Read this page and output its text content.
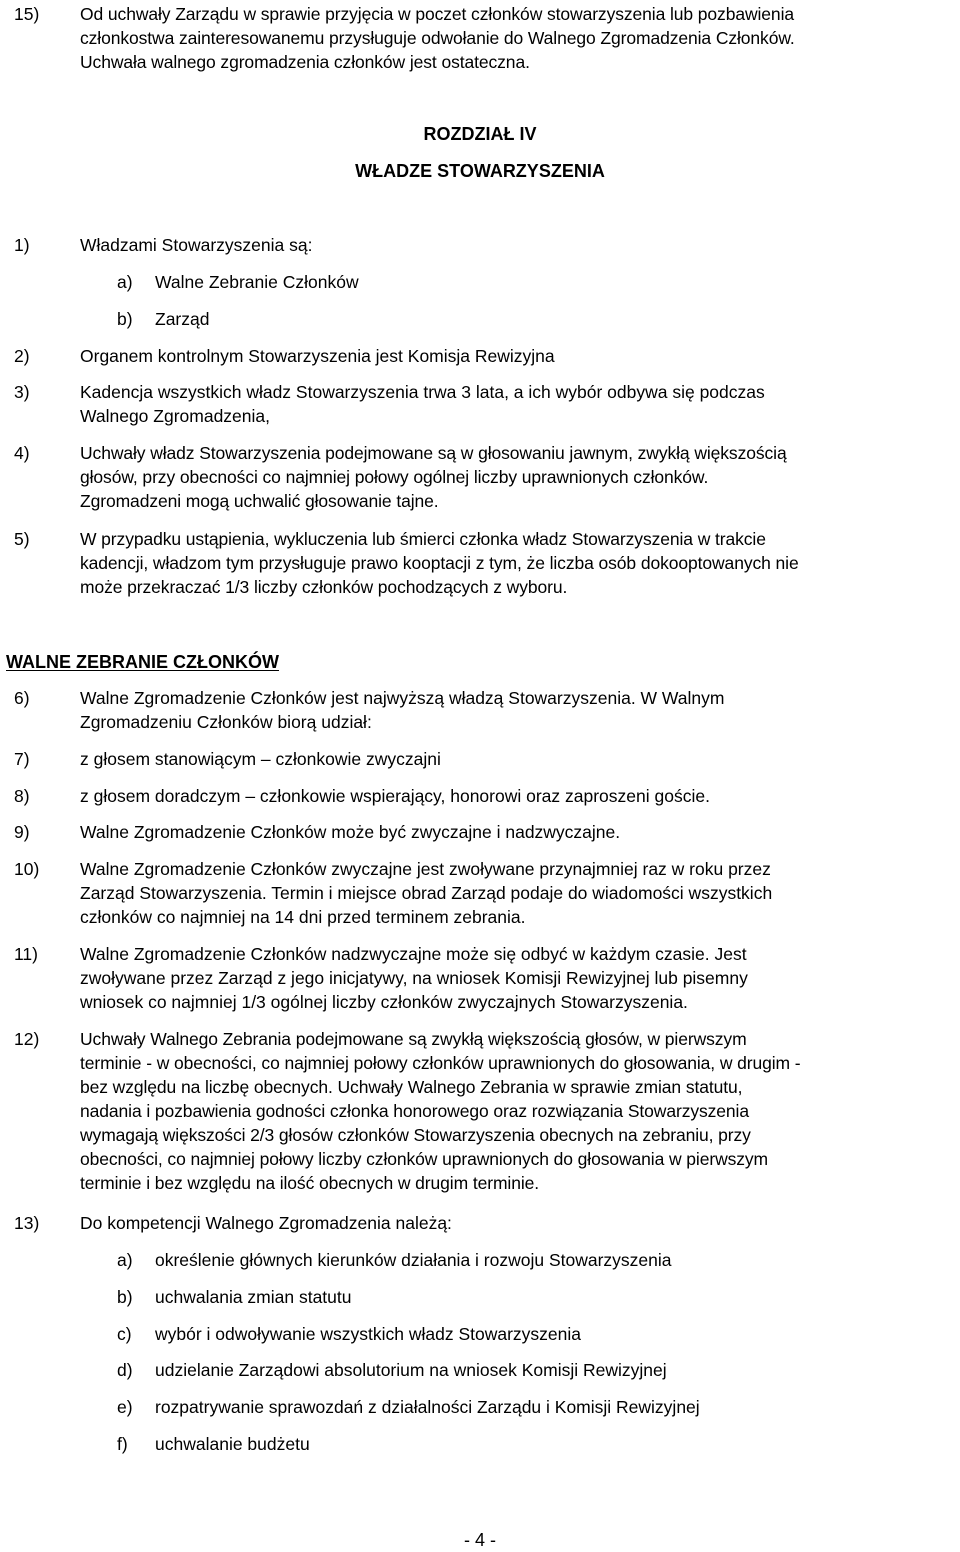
15)	Od uchwały Zarządu w sprawie przyjęcia w poczet członków stowarzyszenia lub pozbawienia
członkostwa zainteresowanemu przysługuje odwołanie do Walnego Zgromadzenia Członków.
Uchwała walnego zgromadzenia członków jest ostateczna.
ROZDZIAŁ IV
WŁADZE STOWARZYSZENIA
1)	Władzami Stowarzyszenia są:
a)	Walne Zebranie Członków
b)	Zarząd
2)	Organem kontrolnym Stowarzyszenia jest Komisja Rewizyjna
3)	Kadencja wszystkich władz Stowarzyszenia trwa 3 lata, a ich wybór odbywa się podczas
Walnego Zgromadzenia,
4)	Uchwały władz Stowarzyszenia podejmowane są w głosowaniu jawnym, zwykłą większością
głosów, przy obecności co najmniej połowy ogólnej liczby uprawnionych członków.
Zgromadzeni mogą uchwalić głosowanie tajne.
5)	W przypadku ustąpienia, wykluczenia lub śmierci członka władz Stowarzyszenia w trakcie
kadencji, władzom tym przysługuje prawo kooptacji z tym, że liczba osób dokooptowanych nie
może przekraczać 1/3 liczby członków pochodzących z wyboru.
WALNE ZEBRANIE CZŁONKÓW
6)	Walne Zgromadzenie Członków jest najwyższą władzą Stowarzyszenia. W Walnym
Zgromadzeniu Członków biorą udział:
7)	z głosem stanowiącym – członkowie zwyczajni
8)	z głosem doradczym – członkowie wspierający, honorowi oraz zaproszeni goście.
9)	Walne Zgromadzenie Członków może być zwyczajne i nadzwyczajne.
10)	Walne Zgromadzenie Członków zwyczajne jest zwoływane przynajmniej raz w roku przez
Zarząd Stowarzyszenia. Termin i miejsce obrad Zarząd podaje do wiadomości wszystkich
członków co najmniej na 14 dni przed terminem zebrania.
11)	Walne Zgromadzenie Członków nadzwyczajne może się odbyć w każdym czasie. Jest
zwoływane przez Zarząd z jego inicjatywy, na wniosek Komisji Rewizyjnej lub pisemny
wniosek co najmniej 1/3 ogólnej liczby członków zwyczajnych Stowarzyszenia.
12)	Uchwały Walnego Zebrania podejmowane są zwykłą większością głosów, w pierwszym
terminie - w obecności, co najmniej połowy członków uprawnionych do głosowania, w drugim -
bez względu na liczbę obecnych. Uchwały Walnego Zebrania w sprawie zmian statutu,
nadania i pozbawienia godności członka honorowego oraz rozwiązania Stowarzyszenia
wymagają większości 2/3 głosów członków Stowarzyszenia obecnych na zebraniu, przy
obecności, co najmniej połowy liczby członków uprawnionych do głosowania w pierwszym
terminie i bez względu na ilość obecnych w drugim terminie.
13)	Do kompetencji Walnego Zgromadzenia należą:
a)	określenie głównych kierunków działania i rozwoju Stowarzyszenia
b)	uchwalania zmian statutu
c)	wybór i odwoływanie wszystkich władz Stowarzyszenia
d)	udzielanie Zarządowi absolutorium na wniosek Komisji Rewizyjnej
e)	rozpatrywanie sprawozdań z działalności Zarządu i Komisji Rewizyjnej
f)	uchwalanie budżetu
- 4 -
